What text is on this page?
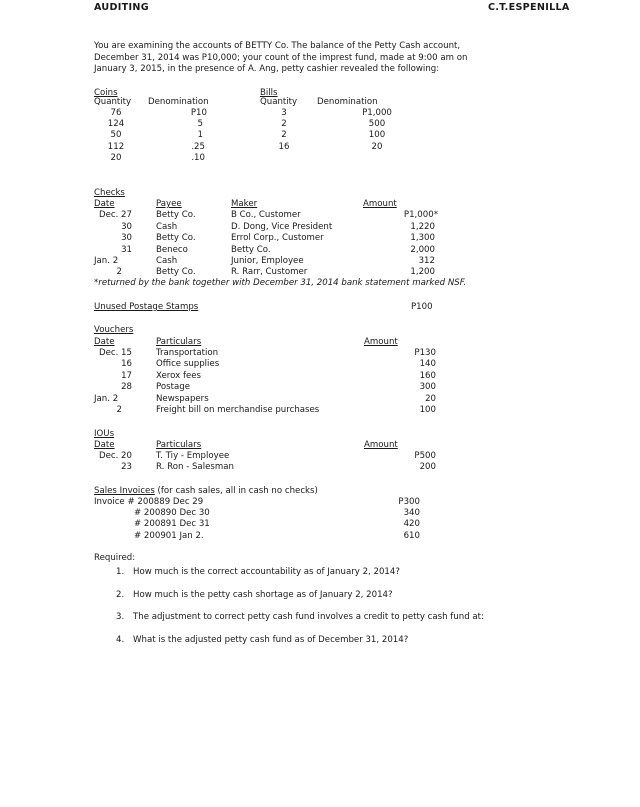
AUDITING	C.T.ESPENILLA
You are examining the accounts of BETTY Co. The balance of the Petty Cash account,
December 31, 2014 was P10,000; your count of the imprest fund, made at 9:00 am on
January 3, 2015, in the presence of A. Ang, petty cashier revealed the following:
Coins
Quantity Denomination
76	P10
124	5
50	1
112	.25
20	.10
Bills
Quantity Denomination
3	P1,000
2	500
2	100
16	20
Checks
Date	Payee	Maker	Amount
Dec. 27	Betty Co.	B Co., Customer	P1,000*
30	Cash	D. Dong, Vice President	1,220
30	Betty Co.	Errol Corp., Customer	1,300
31	Beneco	Betty Co.	2,000
Jan. 2	Cash	Junior, Employee	312
2	Betty Co.	R. Rarr, Customer	1,200
*returned by the bank together with December 31, 2014 bank statement marked NSF.
Unused Postage Stamps	P100
Vouchers
Date	Particulars	Amount
Dec. 15	Transportation	P130
16	Office supplies	140
17	Xerox fees	160
28	Postage	300
Jan. 2	Newspapers	20
2	Freight bill on merchandise purchases	100
IOUs
Date	Particulars	Amount
Dec. 20	T. Tiy - Employee	P500
23	R. Ron - Salesman	200
Sales Invoices (for cash sales, all in cash no checks)
Invoice # 200889 Dec 29	P300
# 200890 Dec 30	340
# 200891 Dec 31	420
# 200901 Jan 2.	610
Required:
1. How much is the correct accountability as of January 2, 2014?
2. How much is the petty cash shortage as of January 2, 2014?
3. The adjustment to correct petty cash fund involves a credit to petty cash fund at:
4. What is the adjusted petty cash fund as of December 31, 2014?
